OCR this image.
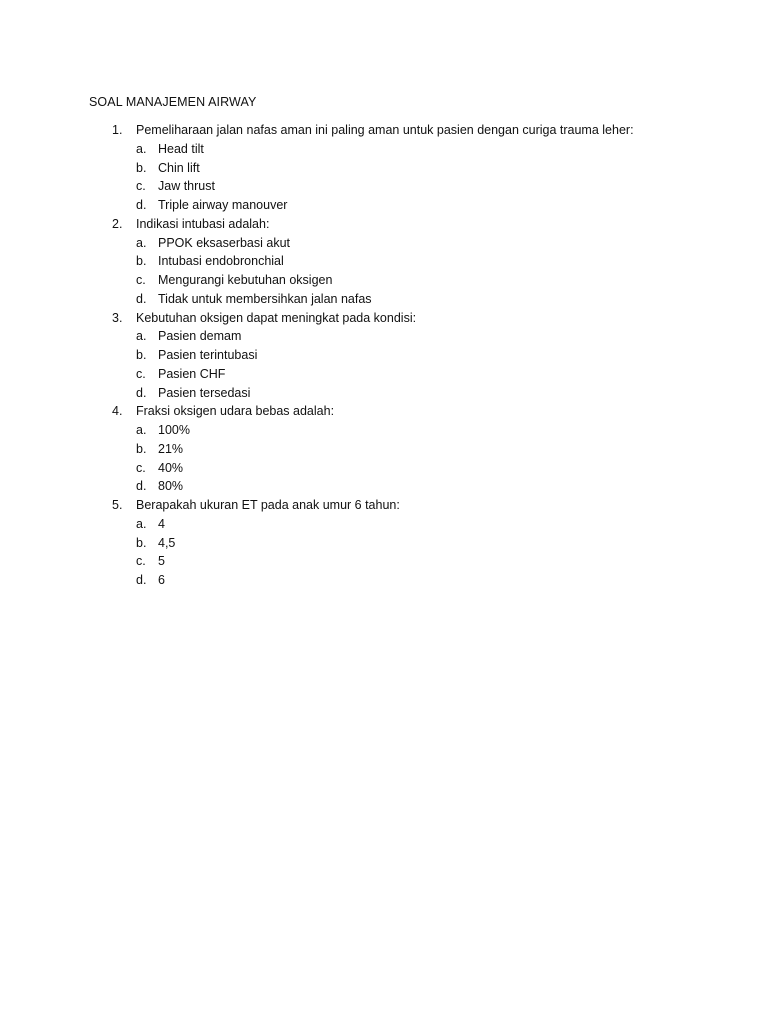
SOAL MANAJEMEN AIRWAY
1. Pemeliharaan jalan nafas aman ini paling aman untuk pasien dengan curiga trauma leher:
a. Head tilt
b. Chin lift
c. Jaw thrust
d. Triple airway manouver
2. Indikasi intubasi adalah:
a. PPOK eksaserbasi akut
b. Intubasi endobronchial
c. Mengurangi kebutuhan oksigen
d. Tidak untuk membersihkan jalan nafas
3. Kebutuhan oksigen dapat meningkat pada kondisi:
a. Pasien demam
b. Pasien terintubasi
c. Pasien CHF
d. Pasien tersedasi
4. Fraksi oksigen udara bebas adalah:
a. 100%
b. 21%
c. 40%
d. 80%
5. Berapakah ukuran ET pada anak umur 6 tahun:
a. 4
b. 4,5
c. 5
d. 6
